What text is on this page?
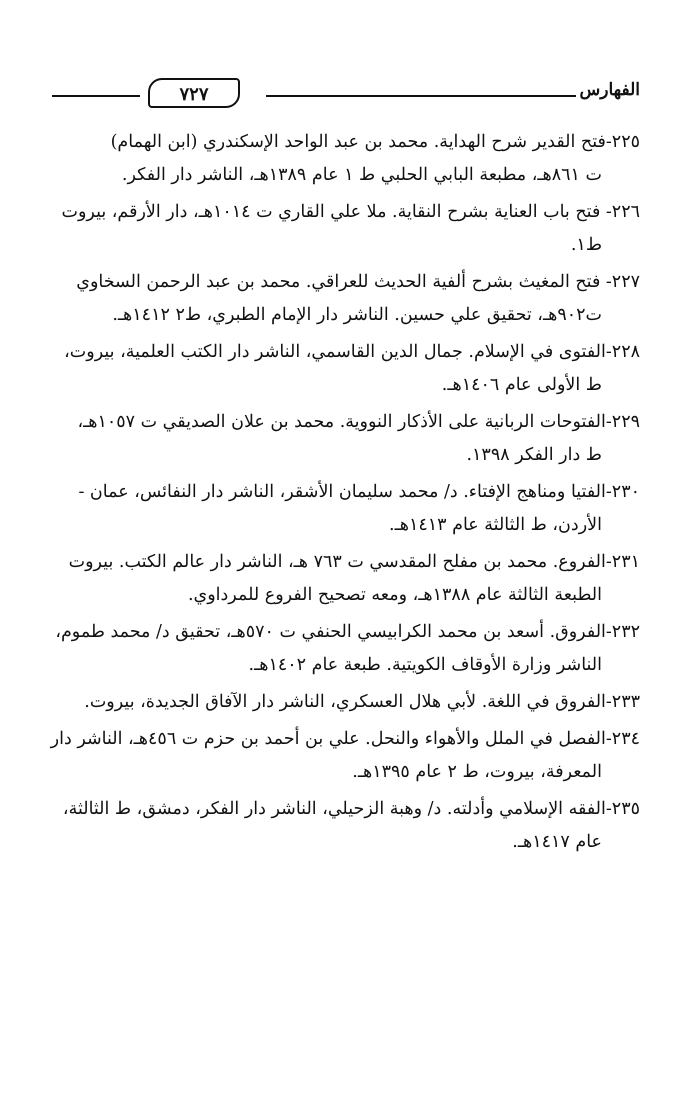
الفهارس
٧٢٧
٢٢٥-فتح القدير شرح الهداية. محمد بن عبد الواحد الإسكندري (ابن الهمام)
ت ٨٦١هـ، مطبعة البابي الحلبي ط ١ عام ١٣٨٩هـ، الناشر دار الفكر.
٢٢٦- فتح باب العناية بشرح النقاية. ملا علي القاري ت ١٠١٤هـ، دار الأرقم، بيروت
ط١.
٢٢٧- فتح المغيث بشرح ألفية الحديث للعراقي. محمد بن عبد الرحمن السخاوي
ت٩٠٢هـ، تحقيق علي حسين. الناشر دار الإمام الطبري، ط٢ ١٤١٢هـ.
٢٢٨-الفتوى في الإسلام. جمال الدين القاسمي، الناشر دار الكتب العلمية، بيروت،
ط الأولى عام ١٤٠٦هـ.
٢٢٩-الفتوحات الربانية على الأذكار النووية. محمد بن علان الصديقي ت ١٠٥٧هـ،
ط دار الفكر ١٣٩٨.
٢٣٠-الفتيا ومناهج الإفتاء. د/ محمد سليمان الأشقر، الناشر دار النفائس، عمان -
الأردن، ط الثالثة عام ١٤١٣هـ.
٢٣١-الفروع. محمد بن مفلح المقدسي ت ٧٦٣ هـ، الناشر دار عالم الكتب. بيروت
الطبعة الثالثة عام ١٣٨٨هـ، ومعه تصحيح الفروع للمرداوي.
٢٣٢-الفروق. أسعد بن محمد الكرابيسي الحنفي ت ٥٧٠هـ، تحقيق د/ محمد طموم،
الناشر وزارة الأوقاف الكويتية. طبعة عام ١٤٠٢هـ.
٢٣٣-الفروق في اللغة. لأبي هلال العسكري، الناشر دار الآفاق الجديدة، بيروت.
٢٣٤-الفصل في الملل والأهواء والنحل. علي بن أحمد بن حزم ت ٤٥٦هـ، الناشر دار
المعرفة، بيروت، ط ٢ عام ١٣٩٥هـ.
٢٣٥-الفقه الإسلامي وأدلته. د/ وهبة الزحيلي، الناشر دار الفكر، دمشق، ط الثالثة،
عام ١٤١٧هـ.
